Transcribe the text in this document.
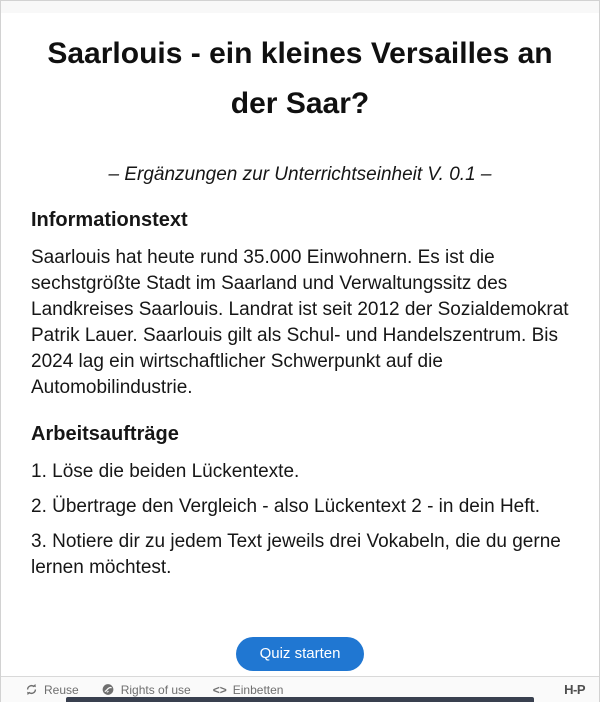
Saarlouis - ein kleines Versailles an der Saar?
– Ergänzungen zur Unterrichtseinheit V. 0.1 –
Informationstext

Saarlouis hat heute rund 35.000 Einwohnern. Es ist die sechstgrößte Stadt im Saarland und Verwaltungssitz des Landkreises Saarlouis. Landrat ist seit 2012 der Sozialdemokrat Patrik Lauer. Saarlouis gilt als Schul- und Handelszentrum. Bis 2024 lag ein wirtschaftlicher Schwerpunkt auf die Automobilindustrie.

Arbeitsaufträge

1. Löse die beiden Lückentexte.

2. Übertrage den Vergleich - also Lückentext 2 - in dein Heft.

3. Notiere dir zu jedem Text jeweils drei Vokabeln, die du gerne lernen möchtest.

Quiz starten
Reuse	Rights of use <> Einbetten	H-P
